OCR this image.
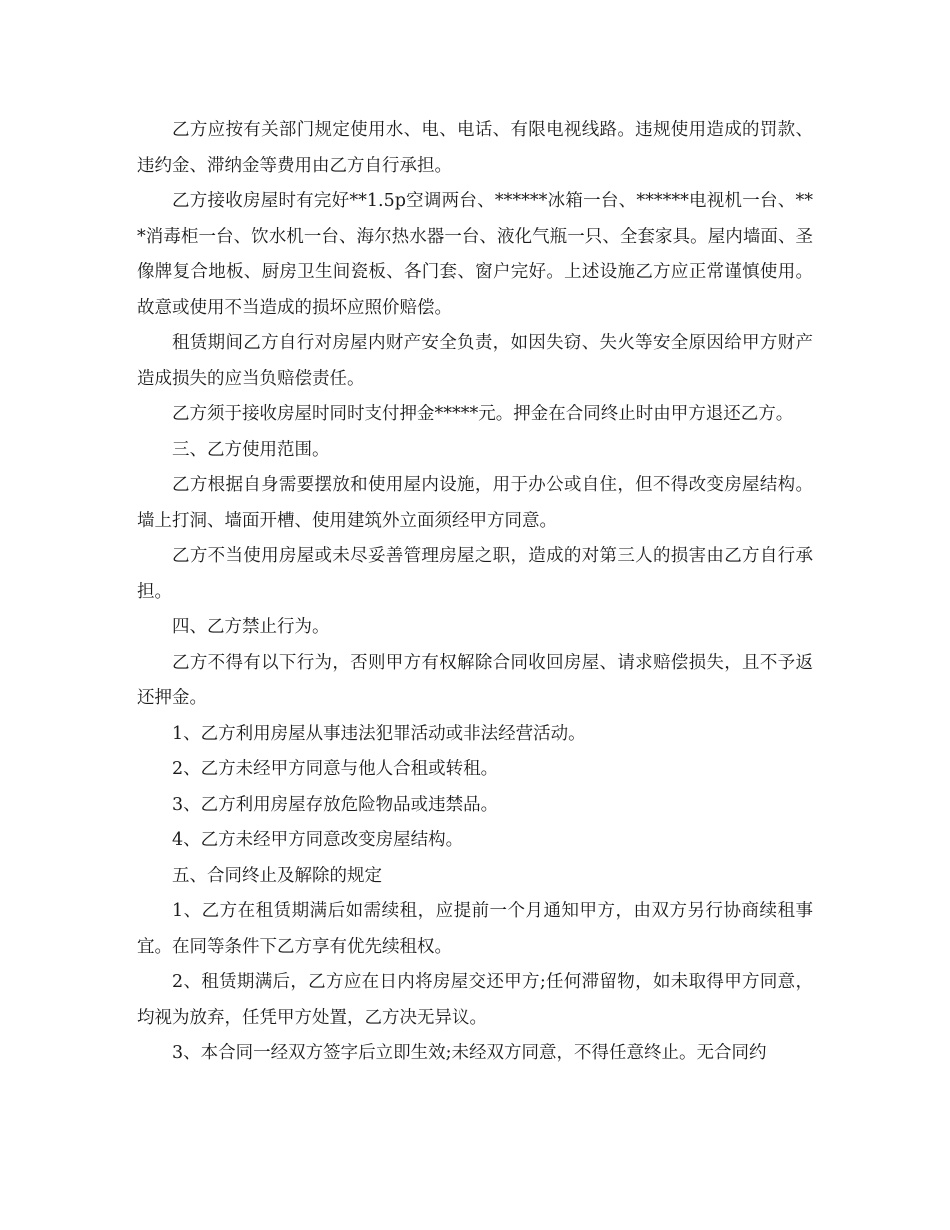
乙方应按有关部门规定使用水、电、电话、有限电视线路。违规使用造成的罚款、违约金、滞纳金等费用由乙方自行承担。

乙方接收房屋时有完好**1.5p空调两台、******冰箱一台、******电视机一台、***消毒柜一台、饮水机一台、海尔热水器一台、液化气瓶一只、全套家具。屋内墙面、圣像牌复合地板、厨房卫生间瓷板、各门套、窗户完好。上述设施乙方应正常谨慎使用。故意或使用不当造成的损坏应照价赔偿。

租赁期间乙方自行对房屋内财产安全负责，如因失窃、失火等安全原因给甲方财产造成损失的应当负赔偿责任。

乙方须于接收房屋时同时支付押金*****元。押金在合同终止时由甲方退还乙方。

三、乙方使用范围。

乙方根据自身需要摆放和使用屋内设施，用于办公或自住，但不得改变房屋结构。墙上打洞、墙面开槽、使用建筑外立面须经甲方同意。

乙方不当使用房屋或未尽妥善管理房屋之职，造成的对第三人的损害由乙方自行承担。

四、乙方禁止行为。

乙方不得有以下行为，否则甲方有权解除合同收回房屋、请求赔偿损失，且不予返还押金。

1、乙方利用房屋从事违法犯罪活动或非法经营活动。

2、乙方未经甲方同意与他人合租或转租。

3、乙方利用房屋存放危险物品或违禁品。

4、乙方未经甲方同意改变房屋结构。

五、合同终止及解除的规定

1、乙方在租赁期满后如需续租，应提前一个月通知甲方，由双方另行协商续租事宜。在同等条件下乙方享有优先续租权。

2、租赁期满后，乙方应在日内将房屋交还甲方;任何滞留物，如未取得甲方同意，均视为放弃，任凭甲方处置，乙方决无异议。

3、本合同一经双方签字后立即生效;未经双方同意，不得任意终止。无合同约
